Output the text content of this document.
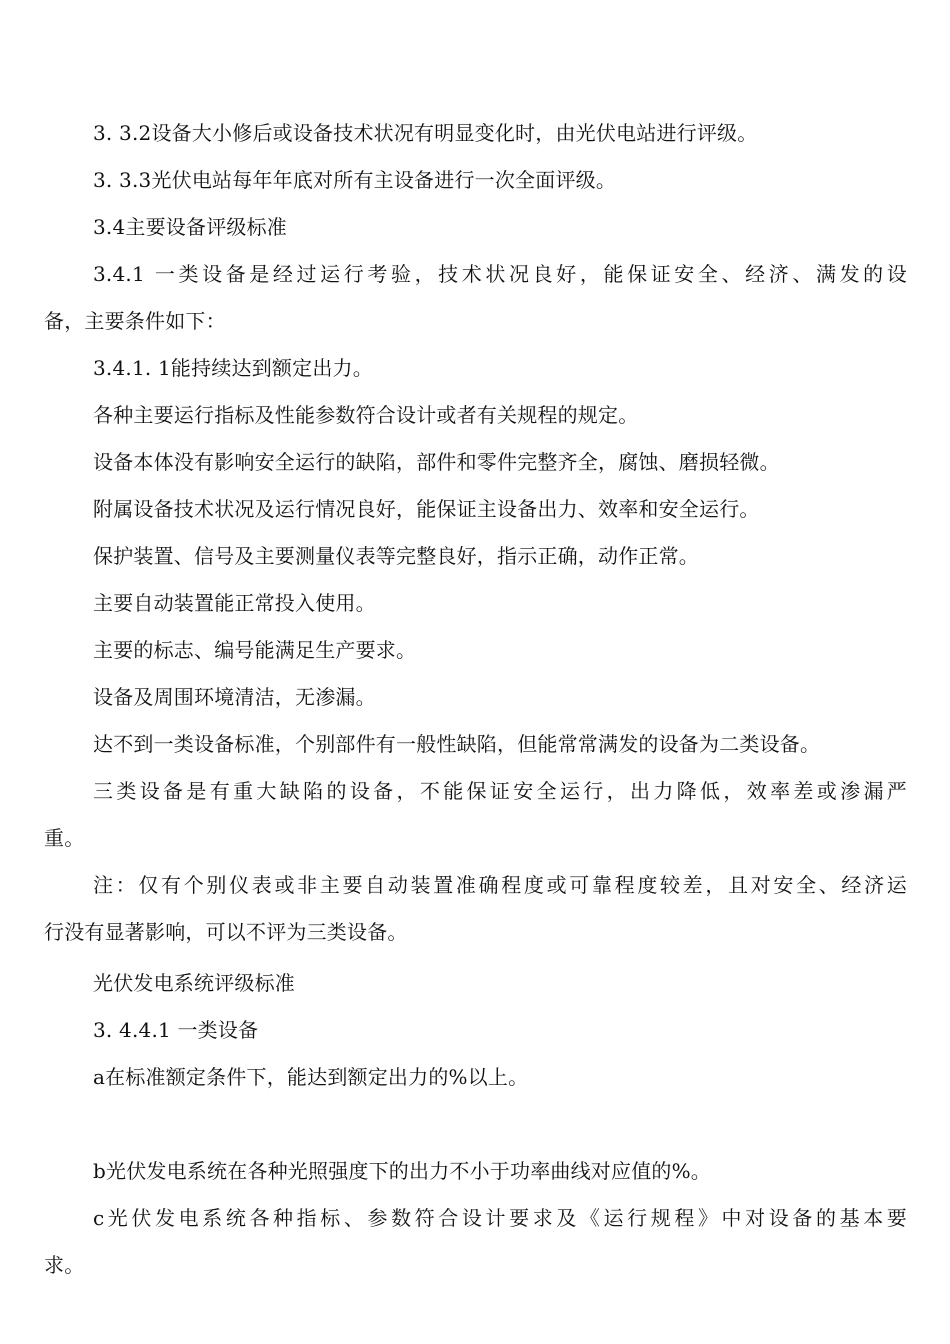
3. 3.2设备大小修后或设备技术状况有明显变化时，由光伏电站进行评级。

3. 3.3光伏电站每年年底对所有主设备进行一次全面评级。

3.4主要设备评级标准

3.4.1 一类设备是经过运行考验，技术状况良好，能保证安全、经济、满发的设

备，主要条件如下：

3.4.1. 1能持续达到额定出力。

各种主要运行指标及性能参数符合设计或者有关规程的规定。

设备本体没有影响安全运行的缺陷，部件和零件完整齐全，腐蚀、磨损轻微。

附属设备技术状况及运行情况良好，能保证主设备出力、效率和安全运行。

保护装置、信号及主要测量仪表等完整良好，指示正确，动作正常。

主要自动装置能正常投入使用。

主要的标志、编号能满足生产要求。

设备及周围环境清洁，无渗漏。

达不到一类设备标准，个别部件有一般性缺陷，但能常常满发的设备为二类设备。

三类设备是有重大缺陷的设备，不能保证安全运行，出力降低，效率差或渗漏严

重。

注：仅有个别仪表或非主要自动装置准确程度或可靠程度较差，且对安全、经济运

行没有显著影响，可以不评为三类设备。

光伏发电系统评级标准

3. 4.4.1 一类设备

a在标准额定条件下，能达到额定出力的%以上。

b光伏发电系统在各种光照强度下的出力不小于功率曲线对应值的%。

c光伏发电系统各种指标、参数符合设计要求及《运行规程》中对设备的基本要

求。
